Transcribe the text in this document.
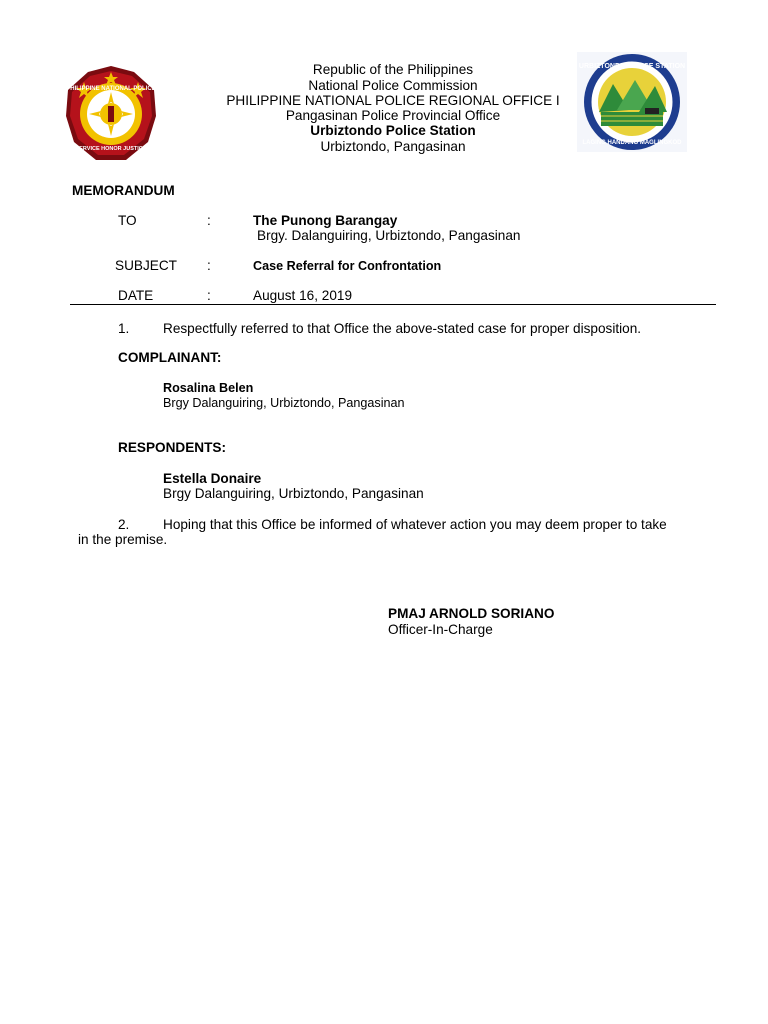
PHILIPPINE NATIONAL POLICE
SERVICE HONOR JUSTICE
URBIZTONDO POLICE STATION
LAGING HANDANG MAGLINGKOD
Republic of the Philippines
National Police Commission
PHILIPPINE NATIONAL POLICE REGIONAL OFFICE I
Pangasinan Police Provincial Office
Urbiztondo Police Station
Urbiztondo, Pangasinan
MEMORANDUM
TO	:	The Punong Barangay
Brgy. Dalanguiring, Urbiztondo, Pangasinan
SUBJECT :	Case Referral for Confrontation
DATE	:	August 16, 2019
1. Respectfully referred to that Office the above-stated case for proper disposition.
COMPLAINANT:
Rosalina Belen
Brgy Dalanguiring, Urbiztondo, Pangasinan
RESPONDENTS:
Estella Donaire
Brgy Dalanguiring, Urbiztondo, Pangasinan
2. Hoping that this Office be informed of whatever action you may deem proper to take
in the premise.
PMAJ ARNOLD SORIANO
Officer-In-Charge
